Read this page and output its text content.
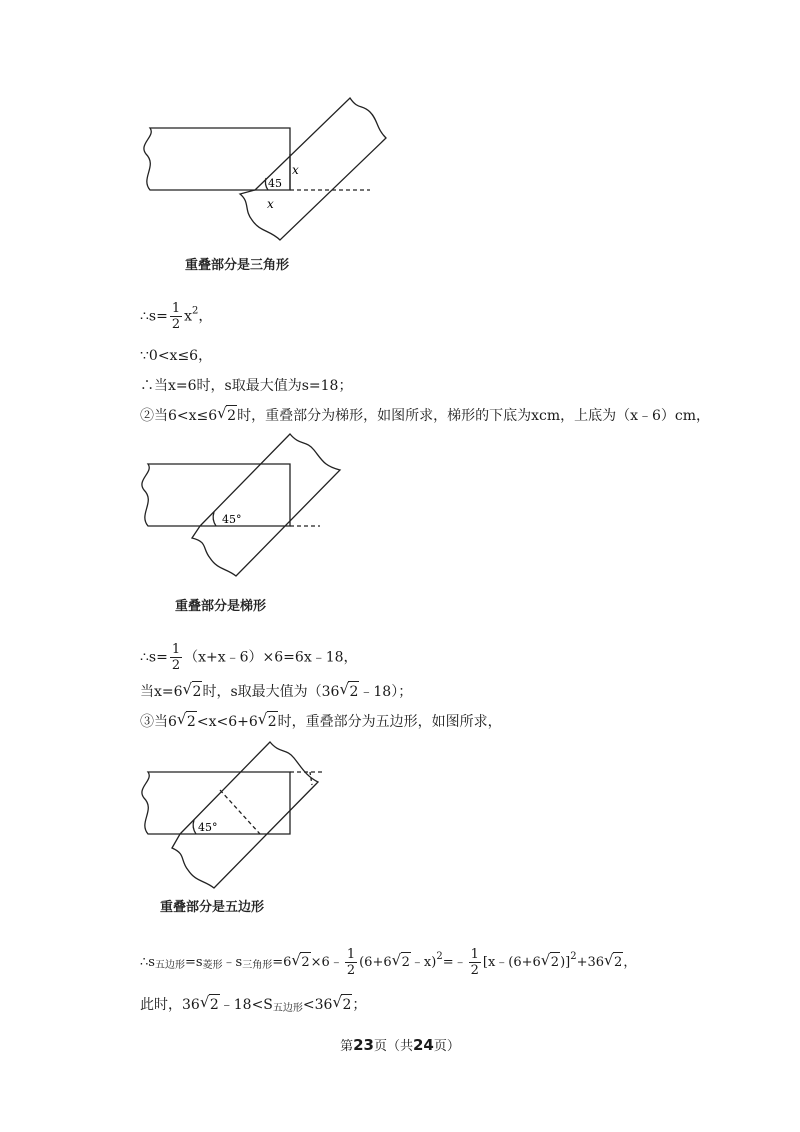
45
x
x
重叠部分是三角形
∴s= $\frac{1}{2} x^2$，
∵0<x≤6，
∴当x=6时，s取最大值为s=18；
②当6<x≤6√ 2时，重叠部分为梯形，如图所求，梯形的下底为xcm，上底为（x﹣6）cm，
45°
重叠部分是梯形
∴s= $\frac{1}{2}$ （x+x﹣6）×6=6x﹣18，
当x=6√ 2时，s取最大值为（36√ 2﹣18）；
③当6√ 2<x<6+6√ 2时，重叠部分为五边形，如图所求，
45°
重叠部分是五边形
$\therefore s_{五边形}=s_{菱形}﹣s_{三角形}=6√$ 2×6﹣ $\frac{1}{2} (6+6√$ 2﹣x)$^2$=﹣ $\frac{1}{2}$ [x﹣(6+6√ 2)]$^2$+36√ 2，
此时，36√ $2﹣18<S_{五边形}<36√$ 2；
第23页（共24页）
